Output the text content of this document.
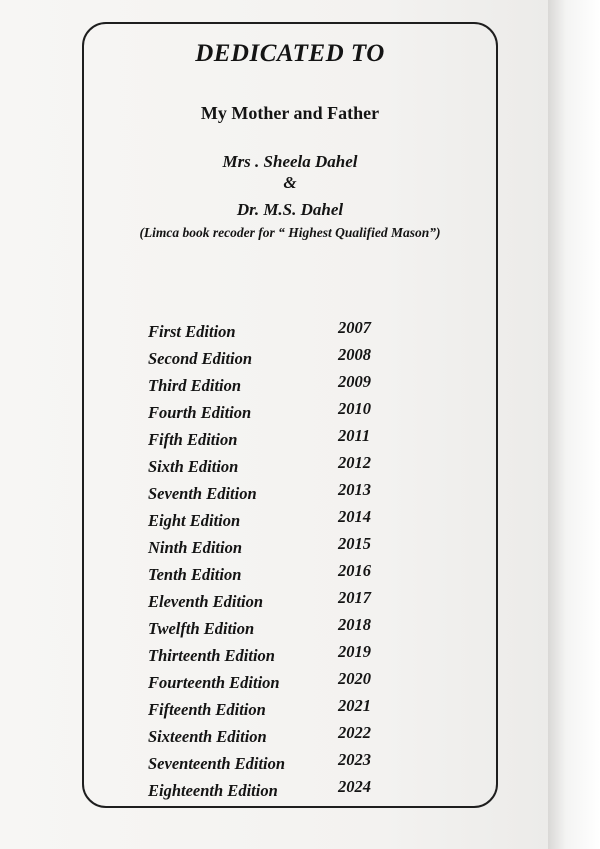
DEDICATED TO
My Mother and Father
Mrs . Sheela Dahel
&
Dr. M.S. Dahel
(Limca book recoder for “ Highest Qualified Mason”)
First Edition	2007
Second Edition	2008
Third Edition	2009
Fourth Edition	2010
Fifth Edition	2011
Sixth Edition	2012
Seventh Edition	2013
Eight Edition	2014
Ninth Edition	2015
Tenth Edition	2016
Eleventh Edition	2017
Twelfth Edition	2018
Thirteenth Edition	2019
Fourteenth Edition	2020
Fifteenth Edition	2021
Sixteenth Edition	2022
Seventeenth Edition	2023
Eighteenth Edition	2024
